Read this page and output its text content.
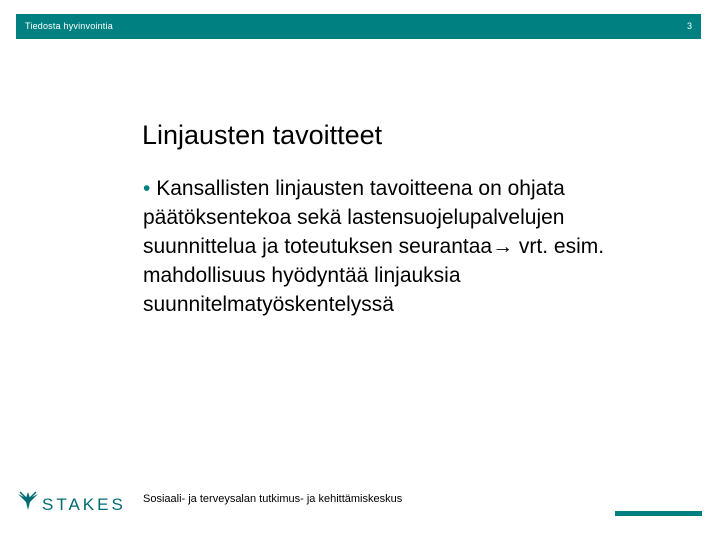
Tiedosta hyvinvointia	3
Linjausten tavoitteet
• Kansallisten linjausten tavoitteena on ohjata päätöksentekoa sekä lastensuojelupalvelujen suunnittelua ja toteutuksen seurantaa→ vrt. esim. mahdollisuus hyödyntää linjauksia suunnitelmatyöskentelyssä
STAKES Sosiaali- ja terveysalan tutkimus- ja kehittämiskeskus
